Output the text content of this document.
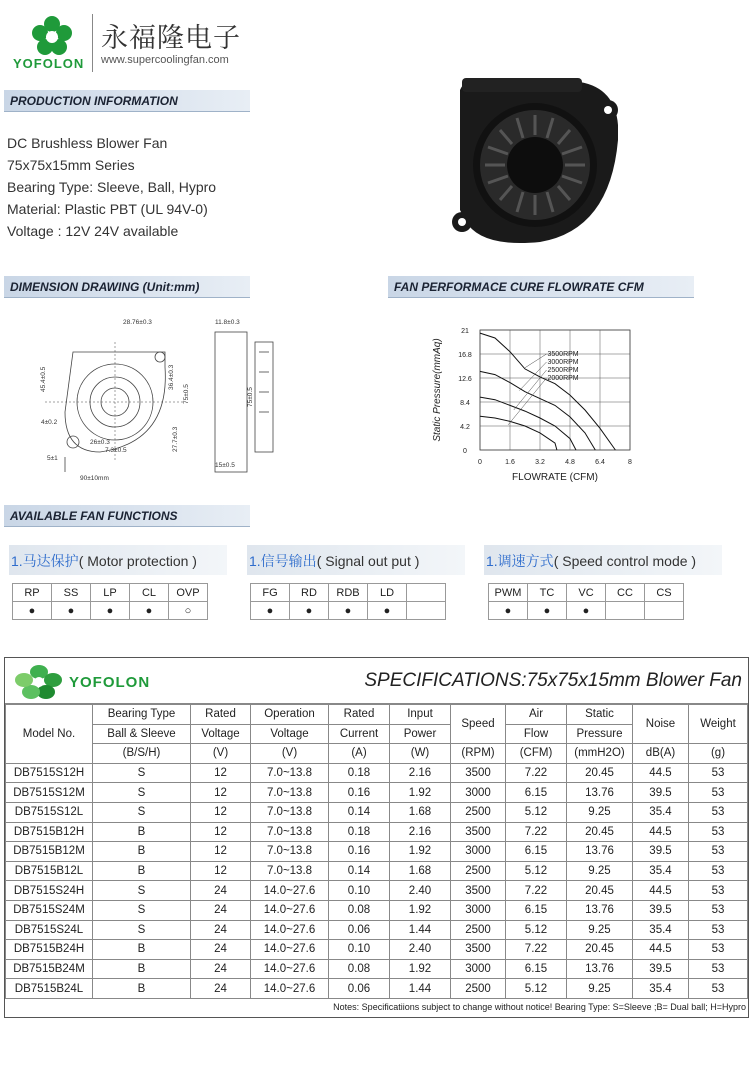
YOFOLON
永福隆电子
www.supercoolingfan.com
PRODUCTION INFORMATION
DC Brushless Blower Fan
75x75x15mm Series
Bearing Type: Sleeve, Ball, Hypro
Material: Plastic PBT (UL 94V-0)
Voltage : 12V 24V available
DIMENSION DRAWING (Unit:mm)
28.76±0.3
45.4±0.5	36.4±0.3
75±0.5
4±0.2
26±0.3	27.7±0.3
7.3±0.5
5±1
90±10mm
11.8±0.3
75±0.5
15±0.5
FAN PERFORMACE CURE FLOWRATE CFM
0	1.6	3.2	4.8	6.4	8
0
4.2
8.4
12.6
16.8
21
FLOWRATE (CFM)
Static Pressure(mmAq)	3500RPM
3000RPM
2500RPM
2000RPM
AVAILABLE FAN FUNCTIONS
1.马达保护( Motor protection )	1.信号输出( Signal out put )	1.调速方式( Speed control mode )
RP	SS	LP	CL	OVP
●	●	●	●	○
FG	RD	RDB	LD	
●	●	●	●	
PWM	TC	VC	CC	CS
●	●	●		
YOFOLON	SPECIFICATIONS:75x75x15mm Blower Fan
Model No.	Bearing Type	Rated	Operation	Rated	Input	Speed	Air	Static	Noise	Weight
	Ball & Sleeve	Voltage	Voltage	Current	Power		Flow	Pressure		
	(B/S/H)	(V)	(V)	(A)	(W)	(RPM)	(CFM)	(mmH2O)	dB(A)	(g)
DB7515S12H	S	12	7.0~13.8	0.18	2.16	3500	7.22	20.45	44.5	53
DB7515S12M	S	12	7.0~13.8	0.16	1.92	3000	6.15	13.76	39.5	53
DB7515S12L	S	12	7.0~13.8	0.14	1.68	2500	5.12	9.25	35.4	53
DB7515B12H	B	12	7.0~13.8	0.18	2.16	3500	7.22	20.45	44.5	53
DB7515B12M	B	12	7.0~13.8	0.16	1.92	3000	6.15	13.76	39.5	53
DB7515B12L	B	12	7.0~13.8	0.14	1.68	2500	5.12	9.25	35.4	53
DB7515S24H	S	24	14.0~27.6	0.10	2.40	3500	7.22	20.45	44.5	53
DB7515S24M	S	24	14.0~27.6	0.08	1.92	3000	6.15	13.76	39.5	53
DB7515S24L	S	24	14.0~27.6	0.06	1.44	2500	5.12	9.25	35.4	53
DB7515B24H	B	24	14.0~27.6	0.10	2.40	3500	7.22	20.45	44.5	53
DB7515B24M	B	24	14.0~27.6	0.08	1.92	3000	6.15	13.76	39.5	53
DB7515B24L	B	24	14.0~27.6	0.06	1.44	2500	5.12	9.25	35.4	53
Notes: Specificatiions subject to change without notice! Bearing Type: S=Sleeve ;B= Dual ball; H=Hypro
